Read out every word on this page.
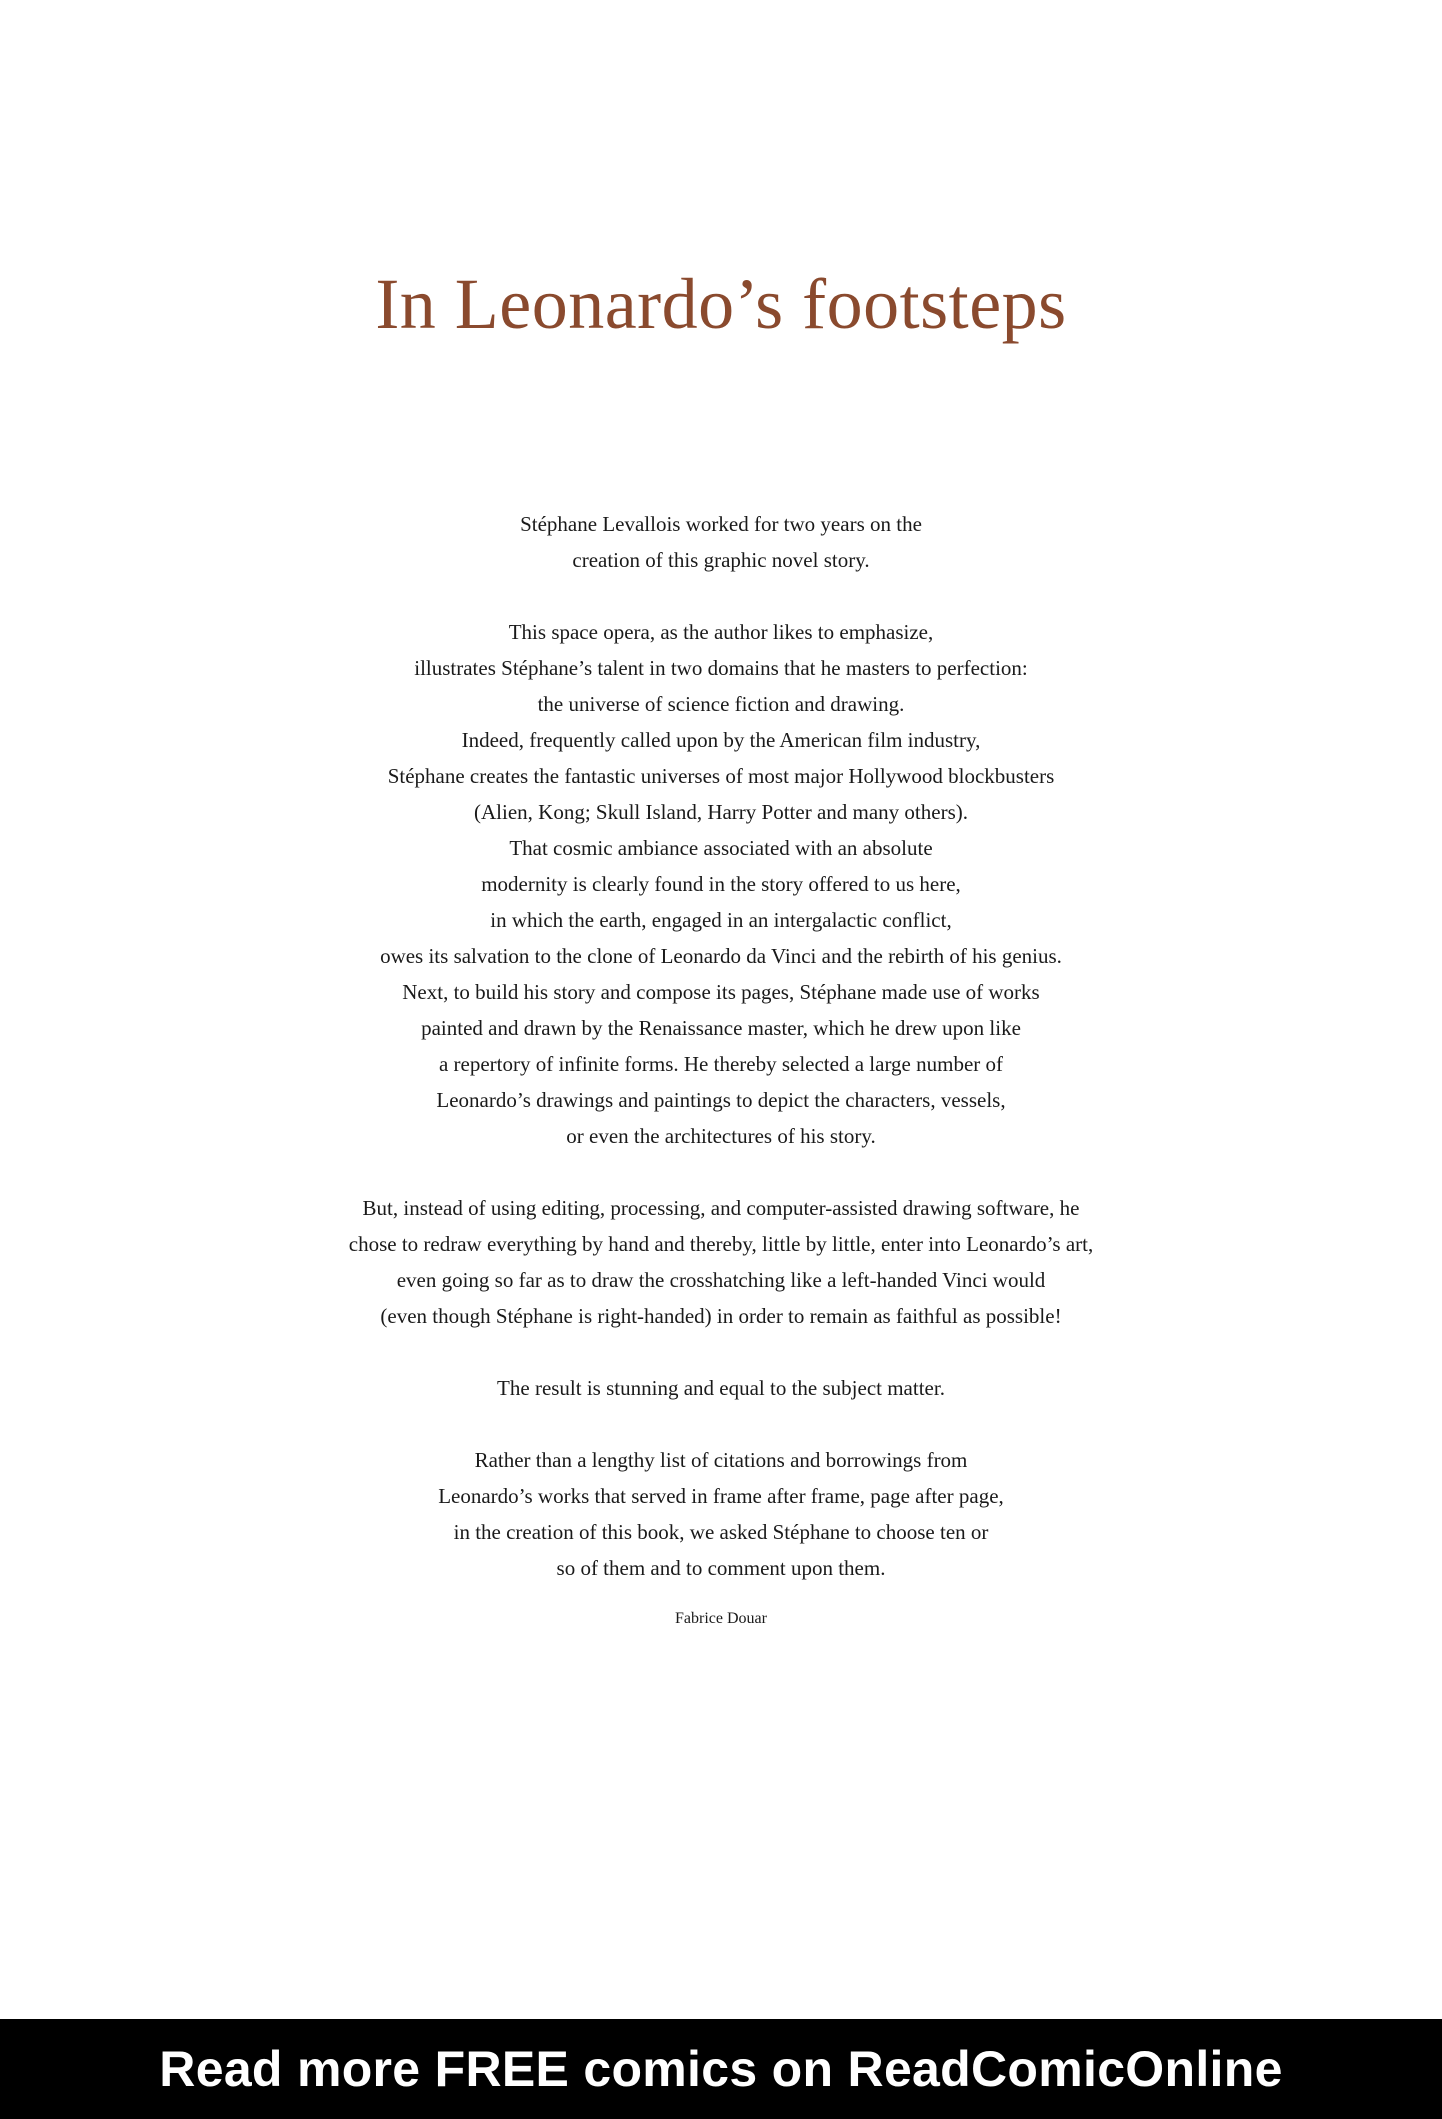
In Leonardo’s footsteps
Stéphane Levallois worked for two years on the
creation of this graphic novel story.
This space opera, as the author likes to emphasize,
illustrates Stéphane’s talent in two domains that he masters to perfection:
the universe of science fiction and drawing.
Indeed, frequently called upon by the American film industry,
Stéphane creates the fantastic universes of most major Hollywood blockbusters
(Alien, Kong; Skull Island, Harry Potter and many others).
That cosmic ambiance associated with an absolute
modernity is clearly found in the story offered to us here,
in which the earth, engaged in an intergalactic conflict,
owes its salvation to the clone of Leonardo da Vinci and the rebirth of his genius.
Next, to build his story and compose its pages, Stéphane made use of works
painted and drawn by the Renaissance master, which he drew upon like
a repertory of infinite forms. He thereby selected a large number of
Leonardo’s drawings and paintings to depict the characters, vessels,
or even the architectures of his story.
But, instead of using editing, processing, and computer-assisted drawing software, he
chose to redraw everything by hand and thereby, little by little, enter into Leonardo’s art,
even going so far as to draw the crosshatching like a left-handed Vinci would
(even though Stéphane is right-handed) in order to remain as faithful as possible!
The result is stunning and equal to the subject matter.
Rather than a lengthy list of citations and borrowings from
Leonardo’s works that served in frame after frame, page after page,
in the creation of this book, we asked Stéphane to choose ten or
so of them and to comment upon them.
Fabrice Douar
Read more FREE comics on ReadComicOnline
